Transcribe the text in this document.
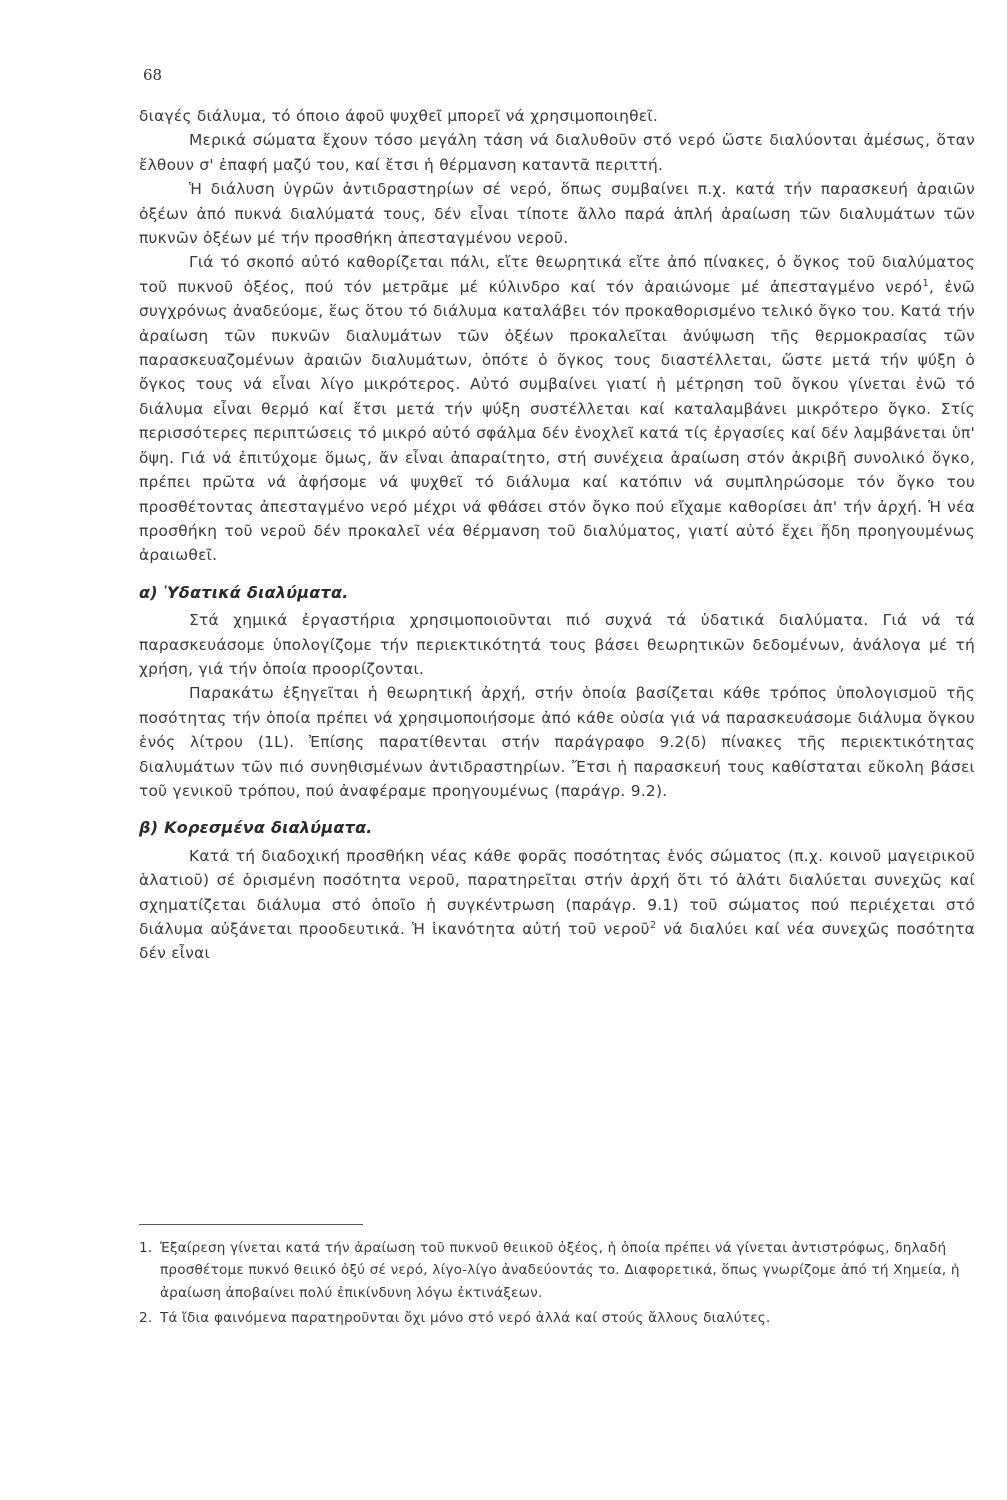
68

διαγές διάλυμα, τό όποιο άφοῦ ψυχθεῖ μπορεῖ νά χρησιμοποιηθεῖ.

Μερικά σώματα ἔχουν τόσο μεγάλη τάση νά διαλυθοῦν στό νερό ὥστε διαλύονται ἀμέσως, ὅταν ἔλθουν σ' ἐπαφή μαζύ του, καί ἔτσι ἡ θέρμανση καταντᾶ περιττή.

Ἡ διάλυση ὑγρῶν ἀντιδραστηρίων σέ νερό, ὅπως συμβαίνει π.χ. κατά τήν παρασκευή ἀραιῶν ὀξέων ἀπό πυκνά διαλύματά τους, δέν εἶναι τίποτε ἄλλο παρά ἁπλή ἀραίωση τῶν διαλυμάτων τῶν πυκνῶν ὀξέων μέ τήν προσθήκη ἀπεσταγμένου νεροῦ.

Γιά τό σκοπό αὐτό καθορίζεται πάλι, εἴτε θεωρητικά εἴτε ἀπό πίνακες, ὁ ὄγκος τοῦ διαλύματος τοῦ πυκνοῦ ὀξέος, πού τόν μετρᾶμε μέ κύλινδρο καί τόν ἀραιώνομε μέ ἀπεσταγμένο νερό$^1$, ἐνῶ συγχρόνως ἀναδεύομε, ἕως ὅτου τό διάλυμα καταλάβει τόν προκαθορισμένο τελικό ὄγκο του. Κατά τήν ἀραίωση τῶν πυκνῶν διαλυμάτων τῶν ὀξέων προκαλεῖται ἀνύψωση τῆς θερμοκρασίας τῶν παρασκευαζομένων ἀραιῶν διαλυμάτων, ὁπότε ὁ ὄγκος τους διαστέλλεται, ὥστε μετά τήν ψύξη ὁ ὄγκος τους νά εἶναι λίγο μικρότερος. Αὐτό συμβαίνει γιατί ἡ μέτρηση τοῦ ὄγκου γίνεται ἐνῶ τό διάλυμα εἶναι θερμό καί ἔτσι μετά τήν ψύξη συστέλλεται καί καταλαμβάνει μικρότερο ὄγκο. Στίς περισσότερες περιπτώσεις τό μικρό αὐτό σφάλμα δέν ἐνοχλεῖ κατά τίς ἐργασίες καί δέν λαμβάνεται ὑπ' ὄψη. Γιά νά ἐπιτύχομε ὅμως, ἄν εἶναι ἀπαραίτητο, στή συνέχεια ἀραίωση στόν ἀκριβῆ συνολικό ὄγκο, πρέπει πρῶτα νά ἀφήσομε νά ψυχθεῖ τό διάλυμα καί κατόπιν νά συμπληρώσομε τόν ὄγκο του προσθέτοντας ἀπεσταγμένο νερό μέχρι νά φθάσει στόν ὄγκο πού εἴχαμε καθορίσει ἀπ' τήν ἀρχή. Ἡ νέα προσθήκη τοῦ νεροῦ δέν προκαλεῖ νέα θέρμανση τοῦ διαλύματος, γιατί αὐτό ἔχει ἤδη προηγουμένως ἀραιωθεῖ.

α) Ὑδατικά διαλύματα.

Στά χημικά ἐργαστήρια χρησιμοποιοῦνται πιό συχνά τά ὑδατικά διαλύματα. Γιά νά τά παρασκευάσομε ὑπολογίζομε τήν περιεκτικότητά τους βάσει θεωρητικῶν δεδομένων, ἀνάλογα μέ τή χρήση, γιά τήν ὁποία προορίζονται.

Παρακάτω ἐξηγεῖται ἡ θεωρητική ἀρχή, στήν ὁποία βασίζεται κάθε τρόπος ὑπολογισμοῦ τῆς ποσότητας τήν ὁποία πρέπει νά χρησιμοποιήσομε ἀπό κάθε οὐσία γιά νά παρασκευάσομε διάλυμα ὄγκου ἑνός λίτρου (1L). Ἐπίσης παρατίθενται στήν παράγραφο 9.2(δ) πίνακες τῆς περιεκτικότητας διαλυμάτων τῶν πιό συνηθισμένων ἀντιδραστηρίων. Ἔτσι ἡ παρασκευή τους καθίσταται εὔκολη βάσει τοῦ γενικοῦ τρόπου, πού ἀναφέραμε προηγουμένως (παράγρ. 9.2).

β) Κορεσμένα διαλύματα.

Κατά τή διαδοχική προσθήκη νέας κάθε φορᾶς ποσότητας ἑνός σώματος (π.χ. κοινοῦ μαγειρικοῦ ἁλατιοῦ) σέ ὁρισμένη ποσότητα νεροῦ, παρατηρεῖται στήν ἀρχή ὅτι τό ἁλάτι διαλύεται συνεχῶς καί σχηματίζεται διάλυμα στό ὁποῖο ἡ συγκέντρωση (παράγρ. 9.1) τοῦ σώματος πού περιέχεται στό διάλυμα αὐξάνεται προοδευτικά. Ἡ ἱκανότητα αὐτή τοῦ νεροῦ$^2$ νά διαλύει καί νέα συνεχῶς ποσότητα δέν εἶναι

1. Ἐξαίρεση γίνεται κατά τήν ἀραίωση τοῦ πυκνοῦ θειικοῦ ὀξέος, ἡ ὁποία πρέπει νά γίνεται ἀντιστρόφως, δηλαδή προσθέτομε πυκνό θειικό ὀξύ σέ νερό, λίγο-λίγο ἀναδεύοντάς το. Διαφορετικά, ὅπως γνωρίζομε ἀπό τή Χημεία, ἡ ἀραίωση ἀποβαίνει πολύ ἐπικίνδυνη λόγω ἐκτινάξεων.
2. Τά ἴδια φαινόμενα παρατηροῦνται ὄχι μόνο στό νερό ἀλλά καί στούς ἄλλους διαλύτες.
